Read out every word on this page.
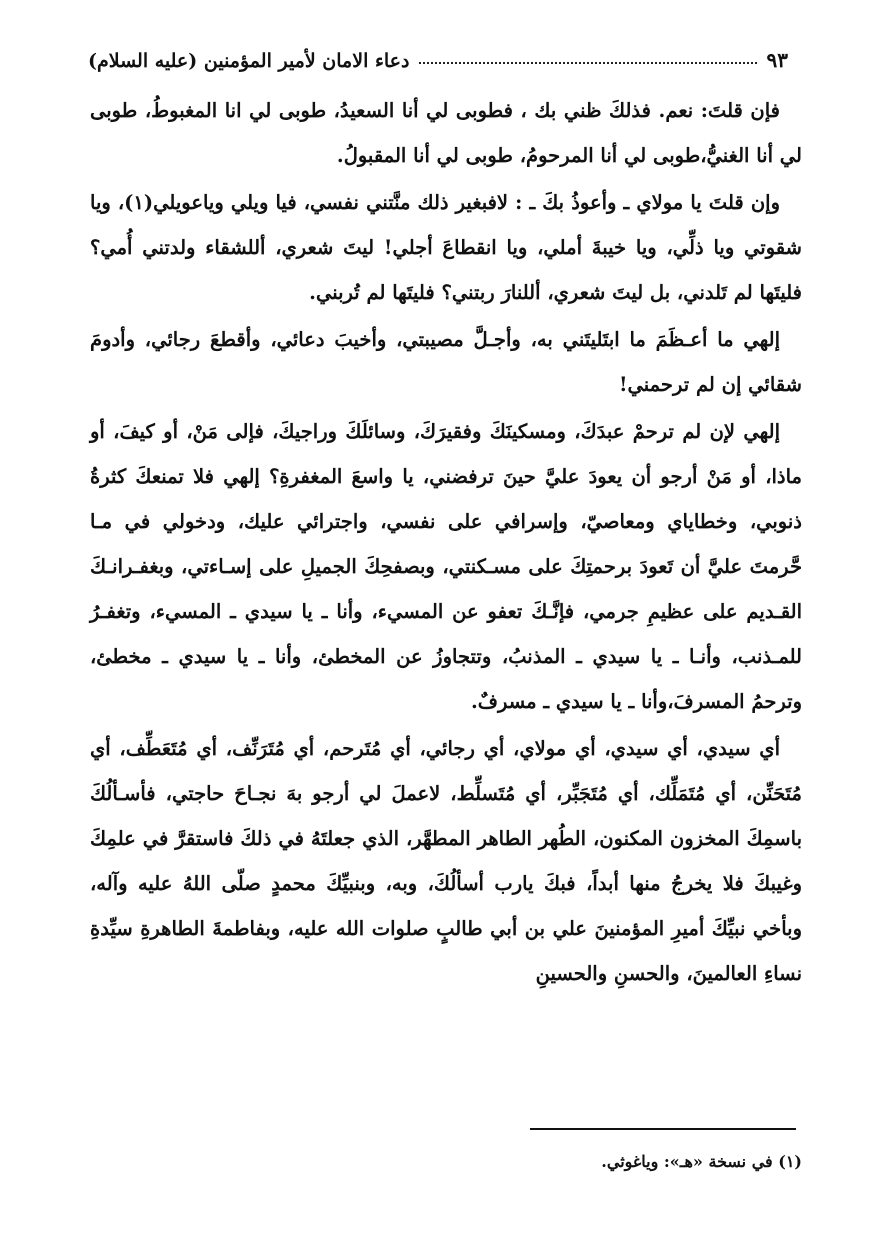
دعاء الامان لأمير المؤمنين (عليه السلام)	٩٣

فإن قلتَ: نعم. فذلكَ ظني بك ، فطوبى لي أنا السعيدُ، طوبى لي انا المغبوطُ، طوبى لي أنا الغنيُّ،طوبى لي أنا المرحومُ، طوبى لي أنا المقبولُ.

وإن قلتَ يا مولاي ـ وأعوذُ بكَ ـ : لافبغير ذلك منَّتني نفسي، فيا ويلي وياعويلي(١)، ويا شقوتي ويا ذلِّي، ويا خيبةَ أملي، ويا انقطاعَ أجلي! ليتَ شعري، أللشقاء ولدتني أُمي؟ فليتَها لم تَلدني، بل ليتَ شعري، أللنارَ ربتني؟ فليتَها لم تُربني.

إلهي ما أعـظَمَ ما ابتَليتَني به، وأجـلَّ مصيبتي، وأخيبَ دعائي، وأقطعَ رجائي، وأدومَ شقائي إن لم ترحمني!

إلهي لإن لم ترحمْ عبدَكَ، ومسكينَكَ وفقيرَكَ، وسائلَكَ وراجيكَ، فإلى مَنْ، أو كيفَ، أو ماذا، أو مَنْ أرجو أن يعودَ عليَّ حينَ ترفضني، يا واسعَ المغفرةِ؟ إلهي فلا تمنعكَ كثرةُ ذنوبي، وخطاياي ومعاصيّ، وإسرافي على نفسي، واجترائي عليك، ودخولي في مـا حَّرمتَ عليَّ أن تَعودَ برحمتِكَ على مسـكنتي، وبصفحِكَ الجميلِ على إسـاءتي، وبغفـرانـكَ القـديم على عظيمِ جرمي، فإنَّـكَ تعفو عن المسيء، وأنا ـ يا سيدي ـ المسيء، وتغفـرُ للمـذنب، وأنـا ـ يا سيدي ـ المذنبُ، وتتجاوزُ عن المخطئ، وأنا ـ يا سيدي ـ مخطئ، وترحمُ المسرفَ،وأنا ـ يا سيدي ـ مسرفٌ.

أي سيدي، أي سيدي، أي مولاي، أي رجائي، أي مُتَرحم، أي مُتَرَنِّف، أي مُتَعَطِّف، أي مُتَحَنِّن، أي مُتَمَلِّك، أي مُتَجَبِّر، أي مُتَسلِّط، لاعملَ لي أرجو بهَ نجـاحَ حاجتي، فأسـألُكَ باسمِكَ المخزون المكنون، الطُهر الطاهر المطهَّر، الذي جعلتَهُ في ذلكَ فاستقرَّ في علمِكَ وغيبكَ فلا يخرجُ منها أبداً، فبكَ يارب أسألُكَ، وبه، وبنبيِّكَ محمدٍ صلّى اللهُ عليه وآله، وبأخي نبيِّكَ أميرِ المؤمنينَ علي بن أبي طالبٍ صلوات الله عليه، وبفاطمةَ الطاهرةِ سيِّدةِ نساءِ العالمينَ، والحسنِ والحسينِ

(١) في نسخة «هـ»: وياغوثي.
